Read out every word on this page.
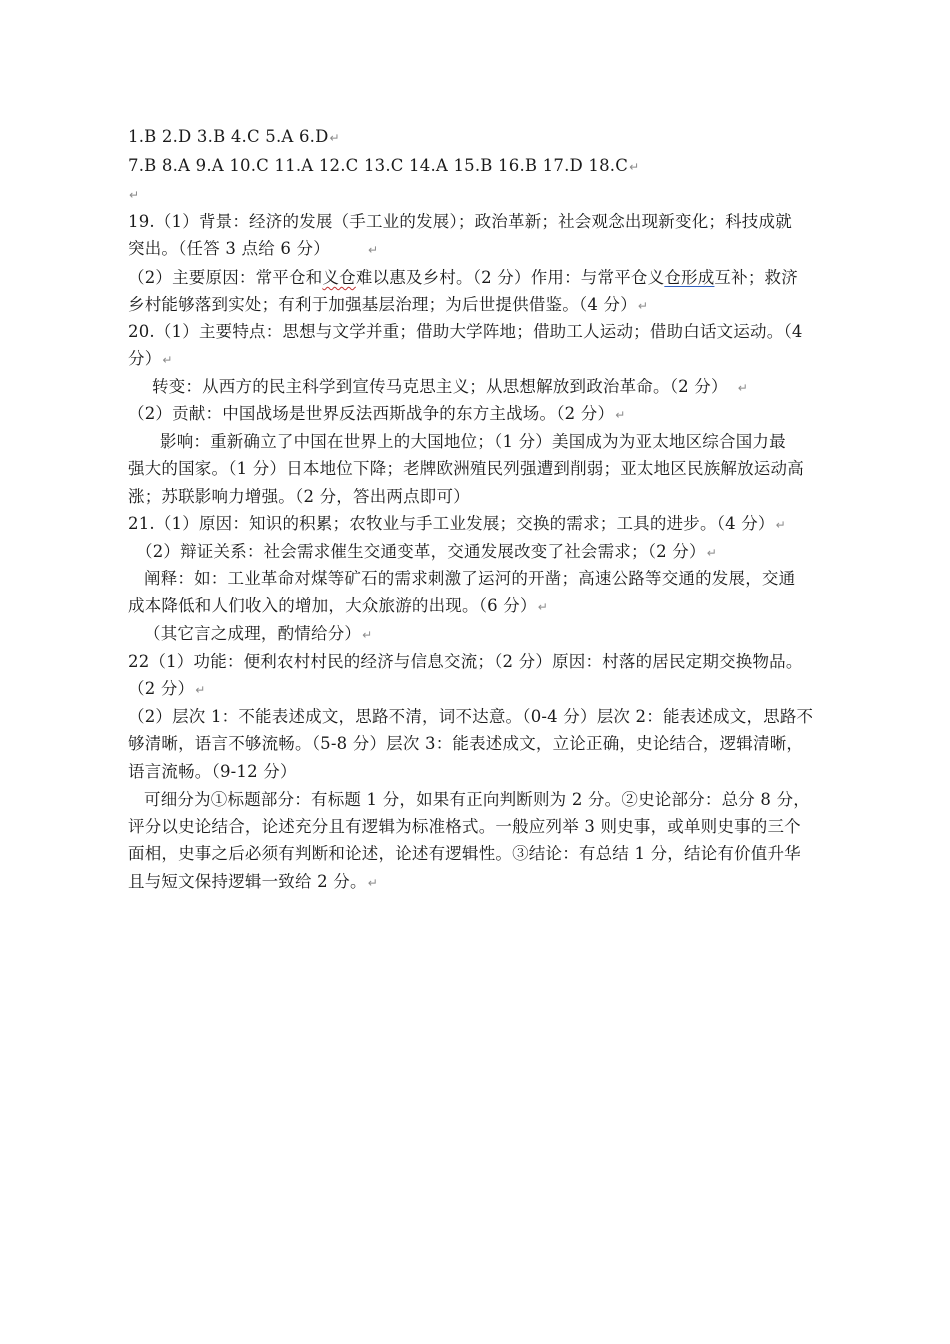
1.B 2.D 3.B 4.C 5.A 6.D↵
7.B 8.A 9.A 10.C 11.A 12.C 13.C 14.A 15.B 16.B 17.D 18.C↵
↵
19.（1）背景：经济的发展（手工业的发展）；政治革新；社会观念出现新变化；科技成就
突出。（任答 3 点给 6 分）	↵
（2）主要原因：常平仓和义仓难以惠及乡村。（2 分）作用：与常平仓义仓形成互补；救济
乡村能够落到实处；有利于加强基层治理；为后世提供借鉴。（4 分）↵
20.（1）主要特点：思想与文学并重；借助大学阵地；借助工人运动；借助白话文运动。（4
分）↵
转变：从西方的民主科学到宣传马克思主义；从思想解放到政治革命。（2 分） ↵
（2）贡献：中国战场是世界反法西斯战争的东方主战场。（2 分）↵
影响：重新确立了中国在世界上的大国地位；（1 分）美国成为为亚太地区综合国力最
强大的国家。（1 分）日本地位下降；老牌欧洲殖民列强遭到削弱；亚太地区民族解放运动高
涨；苏联影响力增强。（2 分，答出两点即可）
21.（1）原因：知识的积累；农牧业与手工业发展；交换的需求；工具的进步。（4 分）↵
（2）辩证关系：社会需求催生交通变革，交通发展改变了社会需求；（2 分）↵
阐释：如：工业革命对煤等矿石的需求刺激了运河的开凿；高速公路等交通的发展，交通
成本降低和人们收入的增加，大众旅游的出现。（6 分）↵
（其它言之成理，酌情给分）↵
22（1）功能：便利农村村民的经济与信息交流；（2 分）原因：村落的居民定期交换物品。
（2 分）↵
（2）层次 1：不能表述成文，思路不清，词不达意。（0-4 分）层次 2：能表述成文，思路不
够清晰，语言不够流畅。（5-8 分）层次 3：能表述成文，立论正确，史论结合，逻辑清晰，
语言流畅。（9-12 分）
可细分为①标题部分：有标题 1 分，如果有正向判断则为 2 分。②史论部分：总分 8 分，
评分以史论结合，论述充分且有逻辑为标准格式。一般应列举 3 则史事，或单则史事的三个
面相，史事之后必须有判断和论述，论述有逻辑性。③结论：有总结 1 分，结论有价值升华
且与短文保持逻辑一致给 2 分。↵
